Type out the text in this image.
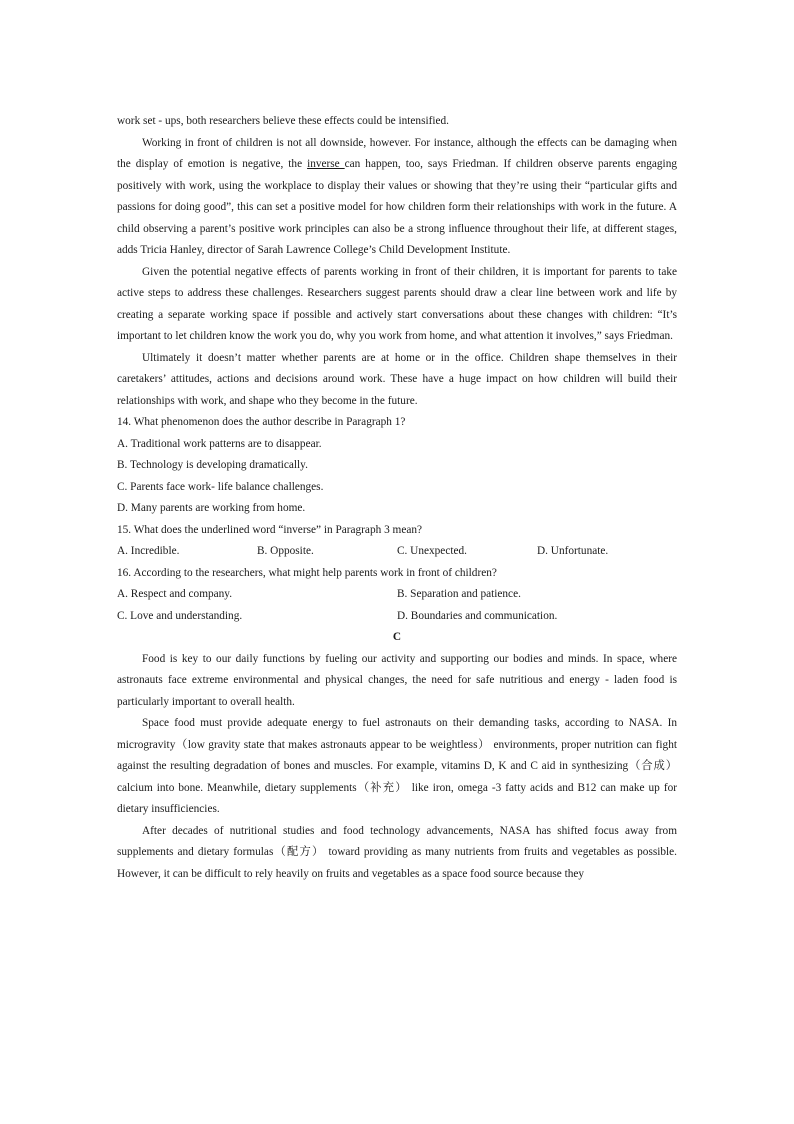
work set - ups, both researchers believe these effects could be intensified.
Working in front of children is not all downside, however. For instance, although the effects can be damaging when the display of emotion is negative, the inverse can happen, too, says Friedman. If children observe parents engaging positively with work, using the workplace to display their values or showing that they’re using their “particular gifts and passions for doing good”, this can set a positive model for how children form their relationships with work in the future. A child observing a parent’s positive work principles can also be a strong influence throughout their life, at different stages, adds Tricia Hanley, director of Sarah Lawrence College’s Child Development Institute.
Given the potential negative effects of parents working in front of their children, it is important for parents to take active steps to address these challenges. Researchers suggest parents should draw a clear line between work and life by creating a separate working space if possible and actively start conversations about these changes with children: “It’s important to let children know the work you do, why you work from home, and what attention it involves,” says Friedman.
Ultimately it doesn’t matter whether parents are at home or in the office. Children shape themselves in their caretakers’ attitudes, actions and decisions around work. These have a huge impact on how children will build their relationships with work, and shape who they become in the future.
14. What phenomenon does the author describe in Paragraph 1?
A. Traditional work patterns are to disappear.
B. Technology is developing dramatically.
C. Parents face work- life balance challenges.
D. Many parents are working from home.
15. What does the underlined word “inverse” in Paragraph 3 mean?
A. Incredible.	B. Opposite.	C. Unexpected.	D. Unfortunate.
16. According to the researchers, what might help parents work in front of children?
A. Respect and company.	B. Separation and patience.
C. Love and understanding.	D. Boundaries and communication.
C
Food is key to our daily functions by fueling our activity and supporting our bodies and minds. In space, where astronauts face extreme environmental and physical changes, the need for safe nutritious and energy - laden food is particularly important to overall health.
Space food must provide adequate energy to fuel astronauts on their demanding tasks, according to NASA. In microgravity（low gravity state that makes astronauts appear to be weightless） environments, proper nutrition can fight against the resulting degradation of bones and muscles. For example, vitamins D, K and C aid in synthesizing（合成） calcium into bone. Meanwhile, dietary supplements（补充） like iron, omega -3 fatty acids and B12 can make up for dietary insufficiencies.
After decades of nutritional studies and food technology advancements, NASA has shifted focus away from supplements and dietary formulas（配方） toward providing as many nutrients from fruits and vegetables as possible. However, it can be difficult to rely heavily on fruits and vegetables as a space food source because they
